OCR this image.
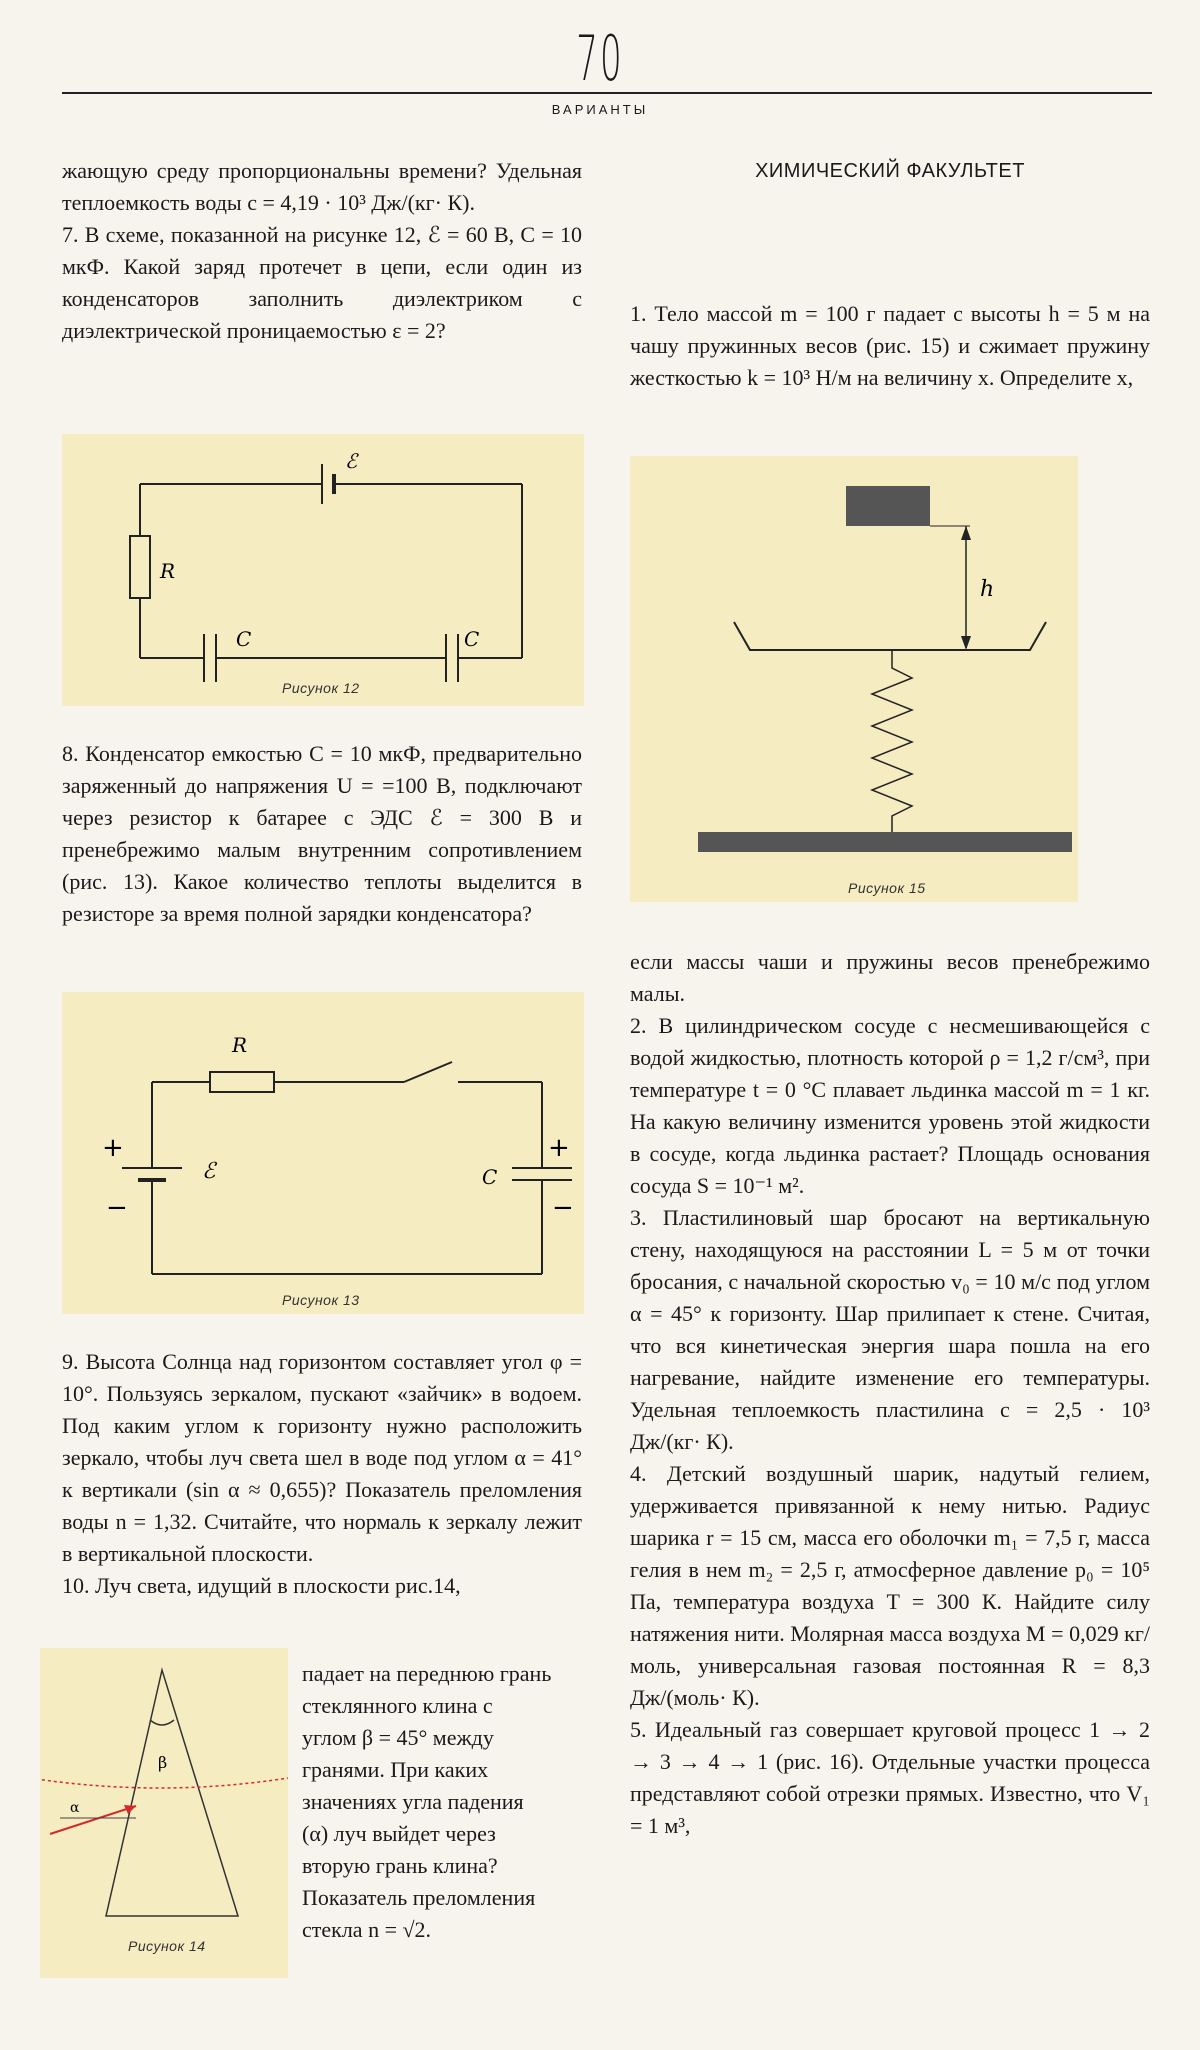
70
ВАРИАНТЫ

жающую среду пропорциональны времени? Удельная теплоемкость воды c = 4,19 · 10³ Дж/(кг· К).

7. В схеме, показанной на рисунке 12, ℰ = 60 В, C = 10 мкФ. Какой заряд протечет в цепи, если один из конденсаторов заполнить диэлектриком с диэлектрической проницаемостью ε = 2?

ℰ
R
C	C
Рисунок 12

8. Конденсатор емкостью C = 10 мкФ, предварительно заряженный до напряжения U = =100 В, подключают через резистор к батарее с ЭДС ℰ = 300 В и пренебрежимо малым внутренним сопротивлением (рис. 13). Какое количество теплоты выделится в резисторе за время полной зарядки конденсатора?

R
ℰ	C
+
−
+
−
Рисунок 13

9. Высота Солнца над горизонтом составляет угол φ = 10°. Пользуясь зеркалом, пускают «зайчик» в водоем. Под каким углом к горизонту нужно расположить зеркало, чтобы луч света шел в воде под углом α = 41° к вертикали (sin α ≈ 0,655)? Показатель преломления воды n = 1,32. Считайте, что нормаль к зеркалу лежит в вертикальной плоскости.

10. Луч света, идущий в плоскости рис.14,

β
α
Рисунок 14

падает на переднюю грань стеклянного клина с углом β = 45° между гранями. При каких значениях угла падения (α) луч выйдет через вторую грань клина? Показатель преломления стекла n = √2.

ХИМИЧЕСКИЙ ФАКУЛЬТЕТ

1. Тело массой m = 100 г падает с высоты h = 5 м на чашу пружинных весов (рис. 15) и сжимает пружину жесткостью k = 10³ Н/м на величину x. Определите x,

h
Рисунок 15

если массы чаши и пружины весов пренебрежимо малы.

2. В цилиндрическом сосуде с несмешивающейся с водой жидкостью, плотность которой ρ = 1,2 г/см³, при температуре t = 0 °C плавает льдинка массой m = 1 кг. На какую величину изменится уровень этой жидкости в сосуде, когда льдинка растает? Площадь основания сосуда S = 10⁻¹ м².

3. Пластилиновый шар бросают на вертикальную стену, находящуюся на расстоянии L = 5 м от точки бросания, с начальной скоростью v₀ = 10 м/с под углом α = 45° к горизонту. Шар прилипает к стене. Считая, что вся кинетическая энергия шара пошла на его нагревание, найдите изменение его температуры. Удельная теплоемкость пластилина c = 2,5 · 10³ Дж/(кг· К).

4. Детский воздушный шарик, надутый гелием, удерживается привязанной к нему нитью. Радиус шарика r = 15 см, масса его оболочки m₁ = 7,5 г, масса гелия в нем m₂ = 2,5 г, атмосферное давление p₀ = 10⁵ Па, температура воздуха T = 300 К. Найдите силу натяжения нити. Молярная масса воздуха M = 0,029 кг/моль, универсальная газовая постоянная R = 8,3 Дж/(моль· К).

5. Идеальный газ совершает круговой процесс 1 → 2 → 3 → 4 → 1 (рис. 16). Отдельные участки процесса представляют собой отрезки прямых. Известно, что V₁ = 1 м³,
